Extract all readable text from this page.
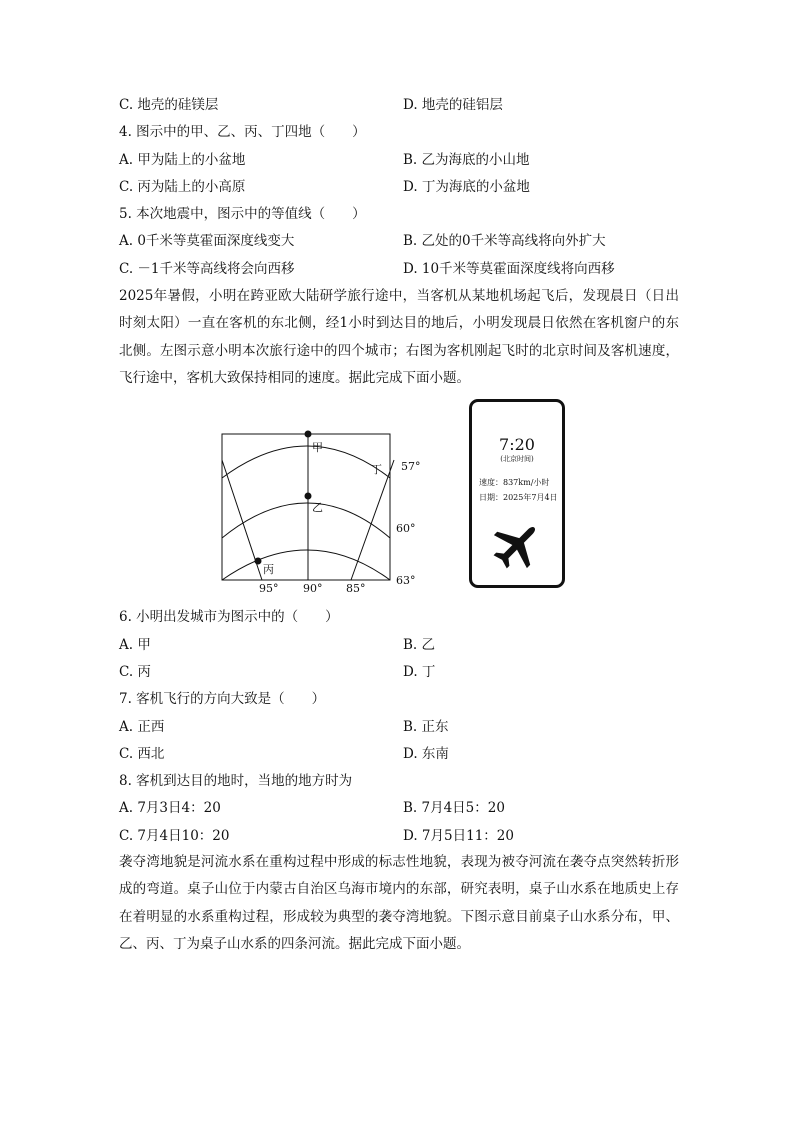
C. 地壳的硅镁层	D. 地壳的硅铝层
4. 图示中的甲、乙、丙、丁四地（　　）
A. 甲为陆上的小盆地	B. 乙为海底的小山地
C. 丙为陆上的小高原	D. 丁为海底的小盆地
5. 本次地震中，图示中的等值线（　　）
A. 0千米等莫霍面深度线变大	B. 乙处的0千米等高线将向外扩大
C. －1千米等高线将会向西移	D. 10千米等莫霍面深度线将向西移
2025年暑假，小明在跨亚欧大陆研学旅行途中，当客机从某地机场起飞后，发现晨日（日出时刻太阳）一直在客机的东北侧，经1小时到达目的地后，小明发现晨日依然在客机窗户的东北侧。左图示意小明本次旅行途中的四个城市；右图为客机刚起飞时的北京时间及客机速度，飞行途中，客机大致保持相同的速度。据此完成下面小题。
甲
乙
丙
丁 57°
60°
63°
95° 90° 85°
7:20
(北京时间)
速度：837km/小时
日期：2025年7月4日
6. 小明出发城市为图示中的（　　）
A. 甲	B. 乙
C. 丙	D. 丁
7. 客机飞行的方向大致是（　　）
A. 正西	B. 正东
C. 西北	D. 东南
8. 客机到达目的地时，当地的地方时为
A. 7月3日4：20	B. 7月4日5：20
C. 7月4日10：20	D. 7月5日11：20
袭夺湾地貌是河流水系在重构过程中形成的标志性地貌，表现为被夺河流在袭夺点突然转折形成的弯道。桌子山位于内蒙古自治区乌海市境内的东部，研究表明，桌子山水系在地质史上存在着明显的水系重构过程，形成较为典型的袭夺湾地貌。下图示意目前桌子山水系分布，甲、乙、丙、丁为桌子山水系的四条河流。据此完成下面小题。
